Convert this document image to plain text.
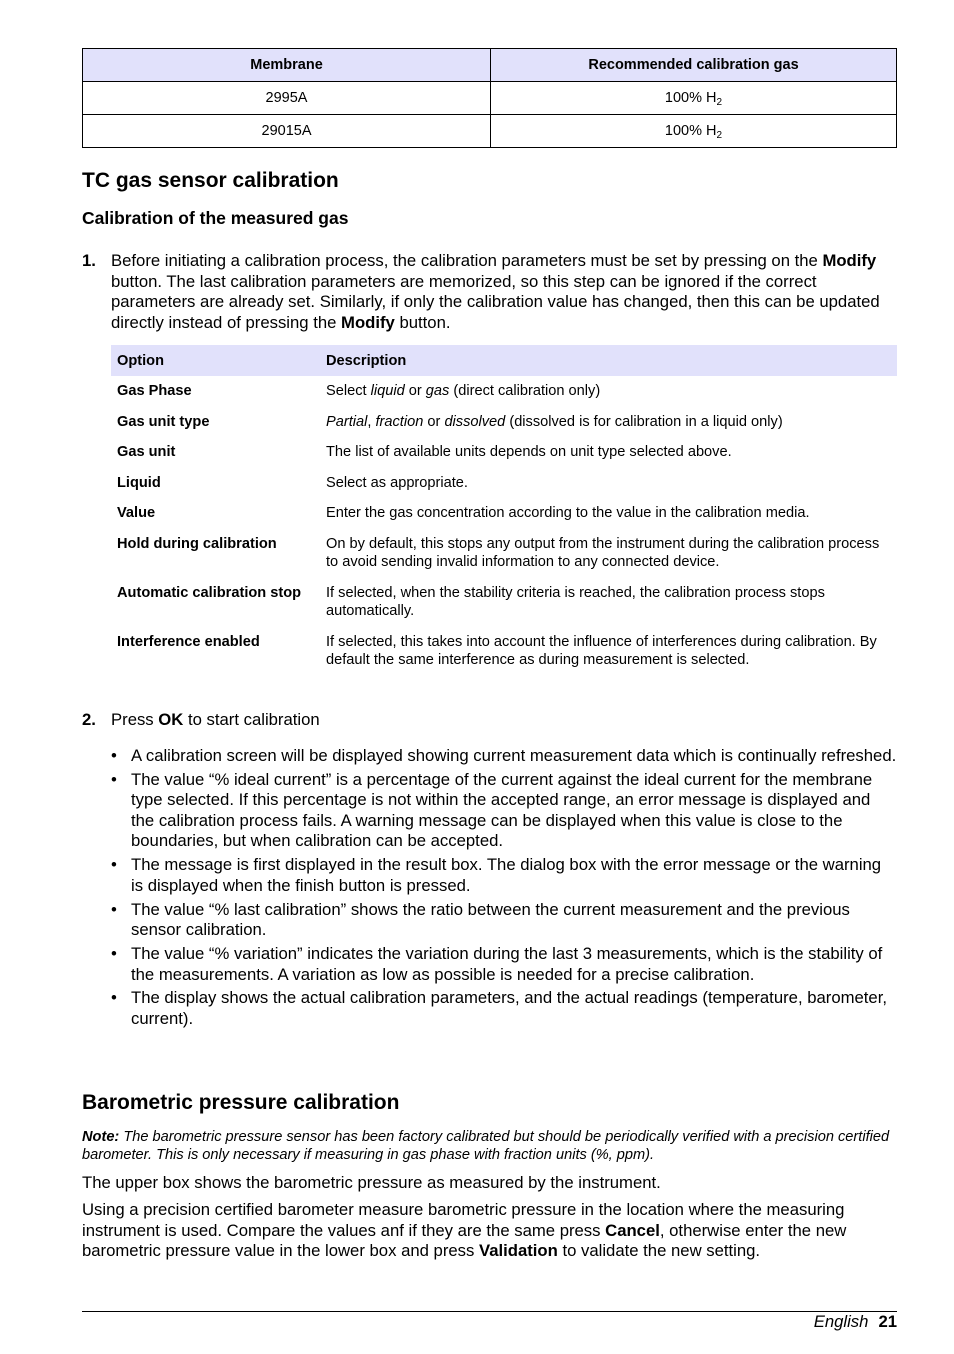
Membrane	Recommended calibration gas
2995A	100% $H_2$
29015A	100% $H_2$
TC gas sensor calibration
Calibration of the measured gas
1. Before initiating a calibration process, the calibration parameters must be set by pressing on the Modify button. The last calibration parameters are memorized, so this step can be ignored if the correct parameters are already set. Similarly, if only the calibration value has changed, then this can be updated directly instead of pressing the Modify button.
Option	Description
Gas Phase	Select liquid or gas (direct calibration only)
Gas unit type	Partial, fraction or dissolved (dissolved is for calibration in a liquid only)
Gas unit	The list of available units depends on unit type selected above.
Liquid	Select as appropriate.
Value	Enter the gas concentration according to the value in the calibration media.
Hold during calibration	On by default, this stops any output from the instrument during the calibration process to avoid sending invalid information to any connected device.
Automatic calibration stop	If selected, when the stability criteria is reached, the calibration process stops automatically.
Interference enabled	If selected, this takes into account the influence of interferences during calibration. By default the same interference as during measurement is selected.
2. Press OK to start calibration
• A calibration screen will be displayed showing current measurement data which is continually refreshed.
• The value “% ideal current” is a percentage of the current against the ideal current for the membrane type selected. If this percentage is not within the accepted range, an error message is displayed and the calibration process fails. A warning message can be displayed when this value is close to the boundaries, but when calibration can be accepted.
• The message is first displayed in the result box. The dialog box with the error message or the warning is displayed when the finish button is pressed.
• The value “% last calibration” shows the ratio between the current measurement and the previous sensor calibration.
• The value “% variation” indicates the variation during the last 3 measurements, which is the stability of the measurements. A variation as low as possible is needed for a precise calibration.
• The display shows the actual calibration parameters, and the actual readings (temperature, barometer, current).
Barometric pressure calibration
Note: The barometric pressure sensor has been factory calibrated but should be periodically verified with a precision certified barometer. This is only necessary if measuring in gas phase with fraction units (%, ppm).
The upper box shows the barometric pressure as measured by the instrument.
Using a precision certified barometer measure barometric pressure in the location where the measuring instrument is used. Compare the values anf if they are the same press Cancel, otherwise enter the new barometric pressure value in the lower box and press Validation to validate the new setting.
English 21
